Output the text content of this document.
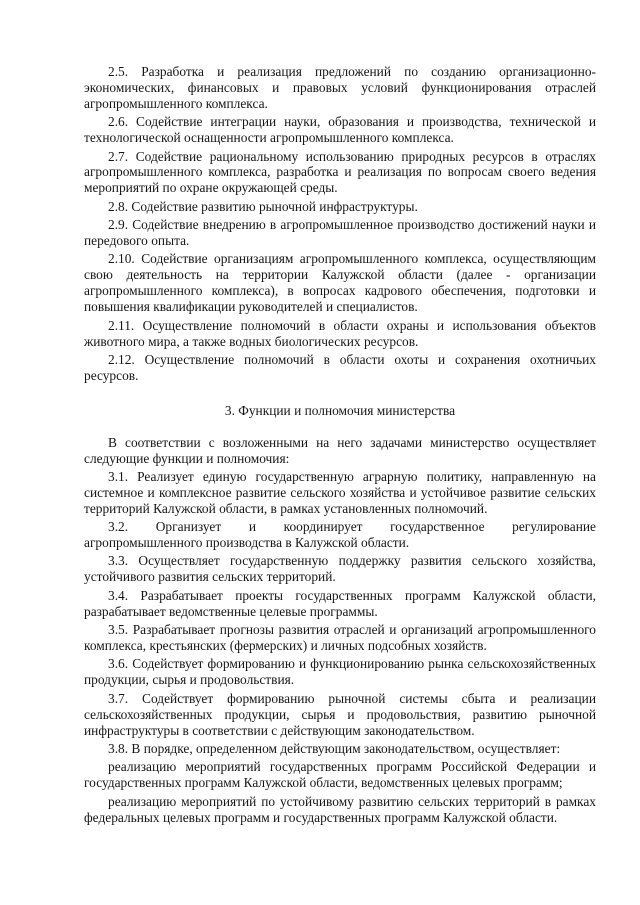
2.5. Разработка и реализация предложений по созданию организационно-экономических, финансовых и правовых условий функционирования отраслей агропромышленного комплекса.

2.6. Содействие интеграции науки, образования и производства, технической и технологической оснащенности агропромышленного комплекса.

2.7. Содействие рациональному использованию природных ресурсов в отраслях агропромышленного комплекса, разработка и реализация по вопросам своего ведения мероприятий по охране окружающей среды.

2.8. Содействие развитию рыночной инфраструктуры.

2.9. Содействие внедрению в агропромышленное производство достижений науки и передового опыта.

2.10. Содействие организациям агропромышленного комплекса, осуществляющим свою деятельность на территории Калужской области (далее - организации агропромышленного комплекса), в вопросах кадрового обеспечения, подготовки и повышения квалификации руководителей и специалистов.

2.11. Осуществление полномочий в области охраны и использования объектов животного мира, а также водных биологических ресурсов.

2.12. Осуществление полномочий в области охоты и сохранения охотничьих ресурсов.

3. Функции и полномочия министерства

В соответствии с возложенными на него задачами министерство осуществляет следующие функции и полномочия:

3.1. Реализует единую государственную аграрную политику, направленную на системное и комплексное развитие сельского хозяйства и устойчивое развитие сельских территорий Калужской области, в рамках установленных полномочий.

3.2. Организует и координирует государственное регулирование агропромышленного производства в Калужской области.

3.3. Осуществляет государственную поддержку развития сельского хозяйства, устойчивого развития сельских территорий.

3.4. Разрабатывает проекты государственных программ Калужской области, разрабатывает ведомственные целевые программы.

3.5. Разрабатывает прогнозы развития отраслей и организаций агропромышленного комплекса, крестьянских (фермерских) и личных подсобных хозяйств.

3.6. Содействует формированию и функционированию рынка сельскохозяйственных продукции, сырья и продовольствия.

3.7. Содействует формированию рыночной системы сбыта и реализации сельскохозяйственных продукции, сырья и продовольствия, развитию рыночной инфраструктуры в соответствии с действующим законодательством.

3.8. В порядке, определенном действующим законодательством, осуществляет:

реализацию мероприятий государственных программ Российской Федерации и государственных программ Калужской области, ведомственных целевых программ;

реализацию мероприятий по устойчивому развитию сельских территорий в рамках федеральных целевых программ и государственных программ Калужской области.
